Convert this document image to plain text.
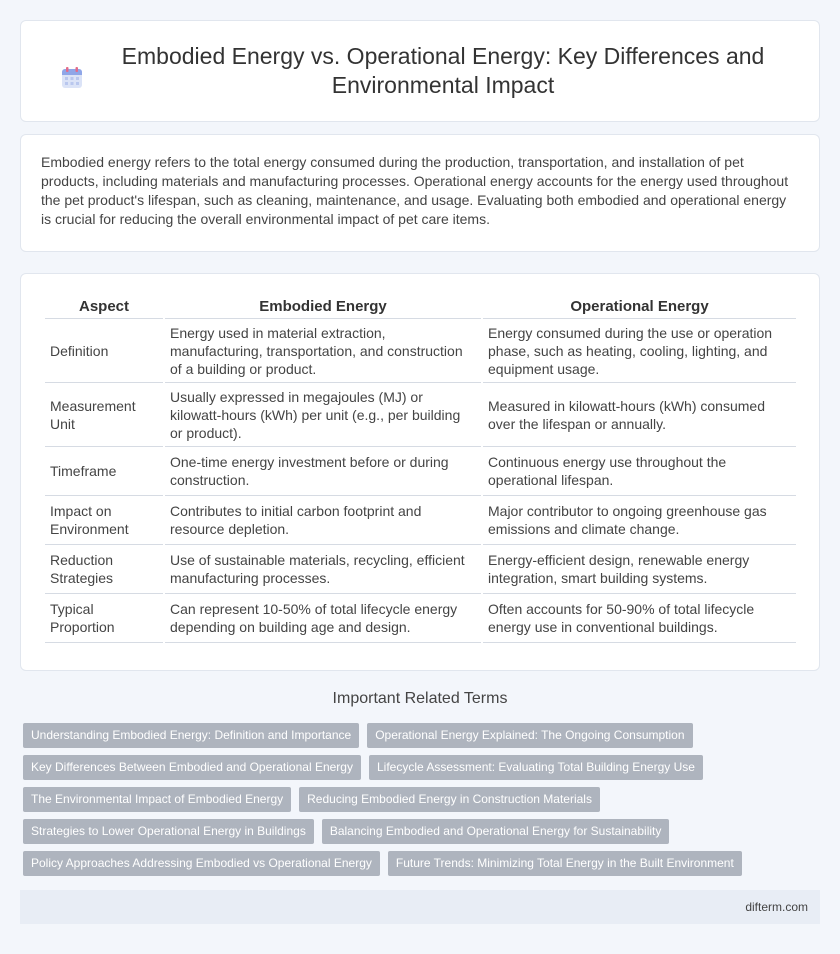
Embodied Energy vs. Operational Energy: Key Differences and Environmental Impact

Embodied energy refers to the total energy consumed during the production, transportation, and installation of pet products, including materials and manufacturing processes. Operational energy accounts for the energy used throughout the pet product's lifespan, such as cleaning, maintenance, and usage. Evaluating both embodied and operational energy is crucial for reducing the overall environmental impact of pet care items.

Aspect	Embodied Energy	Operational Energy
Definition	Energy used in material extraction, manufacturing, transportation, and construction of a building or product.	Energy consumed during the use or operation phase, such as heating, cooling, lighting, and equipment usage.
Measurement Unit	Usually expressed in megajoules (MJ) or kilowatt-hours (kWh) per unit (e.g., per building or product).	Measured in kilowatt-hours (kWh) consumed over the lifespan or annually.
Timeframe	One-time energy investment before or during construction.	Continuous energy use throughout the operational lifespan.
Impact on Environment	Contributes to initial carbon footprint and resource depletion.	Major contributor to ongoing greenhouse gas emissions and climate change.
Reduction Strategies	Use of sustainable materials, recycling, efficient manufacturing processes.	Energy-efficient design, renewable energy integration, smart building systems.
Typical Proportion	Can represent 10-50% of total lifecycle energy depending on building age and design.	Often accounts for 50-90% of total lifecycle energy use in conventional buildings.
Important Related Terms
Understanding Embodied Energy: Definition and Importance	Operational Energy Explained: The Ongoing Consumption
Key Differences Between Embodied and Operational Energy	Lifecycle Assessment: Evaluating Total Building Energy Use
The Environmental Impact of Embodied Energy	Reducing Embodied Energy in Construction Materials
Strategies to Lower Operational Energy in Buildings	Balancing Embodied and Operational Energy for Sustainability
Policy Approaches Addressing Embodied vs Operational Energy	Future Trends: Minimizing Total Energy in the Built Environment
difterm.com
